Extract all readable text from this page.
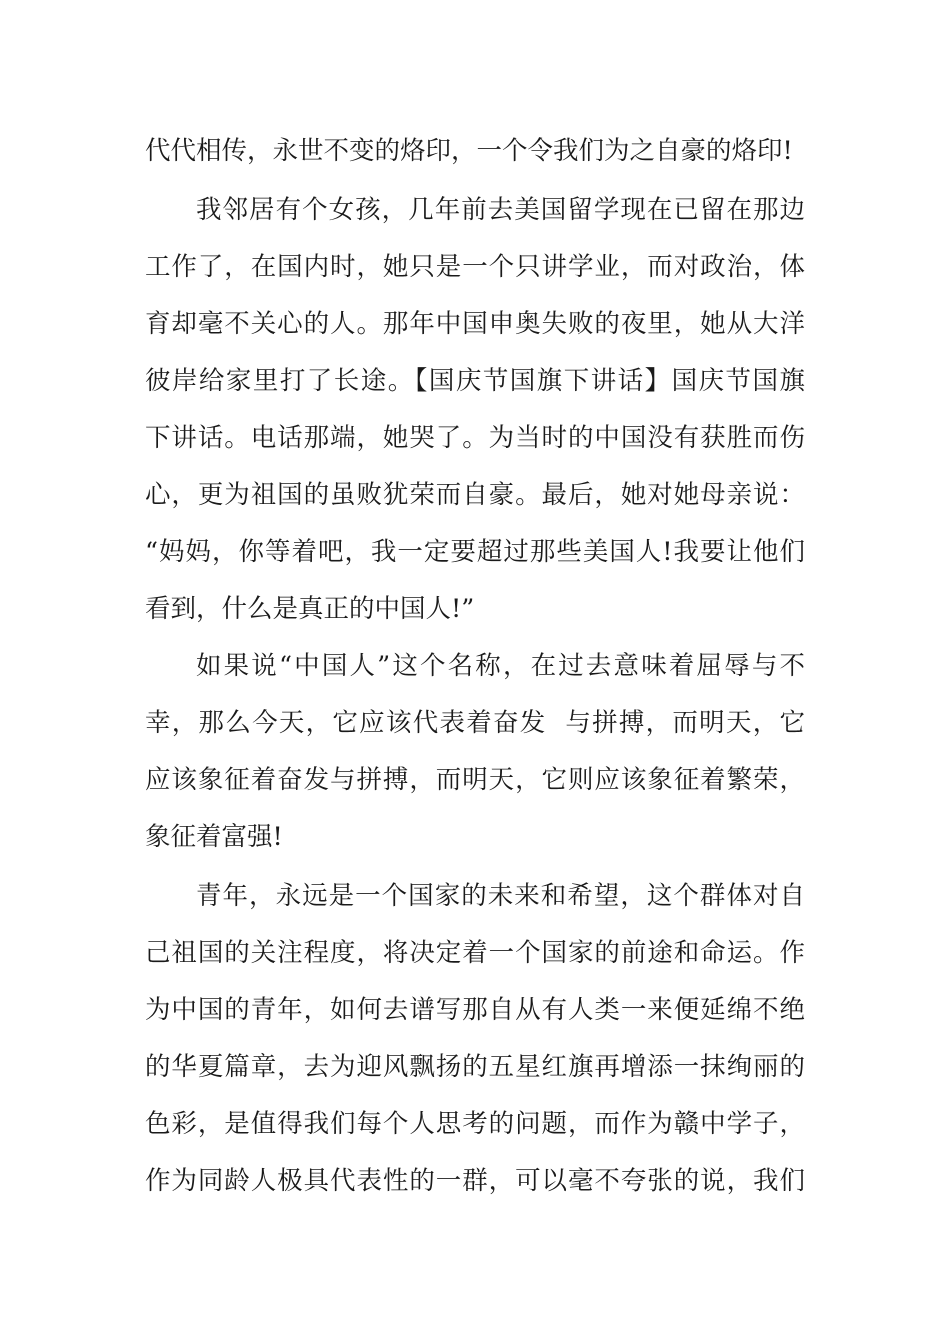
代代相传，永世不变的烙印，一个令我们为之自豪的烙印!
我邻居有个女孩，几年前去美国留学现在已留在那边
工作了，在国内时，她只是一个只讲学业，而对政治，体
育却毫不关心的人。那年中国申奥失败的夜里，她从大洋
彼岸给家里打了长途。【国庆节国旗下讲话】国庆节国旗
下讲话。电话那端，她哭了。为当时的中国没有获胜而伤
心，更为祖国的虽败犹荣而自豪。最后，她对她母亲说：
“妈妈，你等着吧，我一定要超过那些美国人!我要让他们
看到，什么是真正的中国人!”
如果说“中国人”这个名称，在过去意味着屈辱与不
幸，那么今天，它应该代表着奋发  与拼搏，而明天，它
应该象征着奋发与拼搏，而明天，它则应该象征着繁荣，
象征着富强!
青年，永远是一个国家的未来和希望，这个群体对自
己祖国的关注程度，将决定着一个国家的前途和命运。作
为中国的青年，如何去谱写那自从有人类一来便延绵不绝
的华夏篇章，去为迎风飘扬的五星红旗再增添一抹绚丽的
色彩，是值得我们每个人思考的问题，而作为赣中学子，
作为同龄人极具代表性的一群，可以毫不夸张的说，我们
